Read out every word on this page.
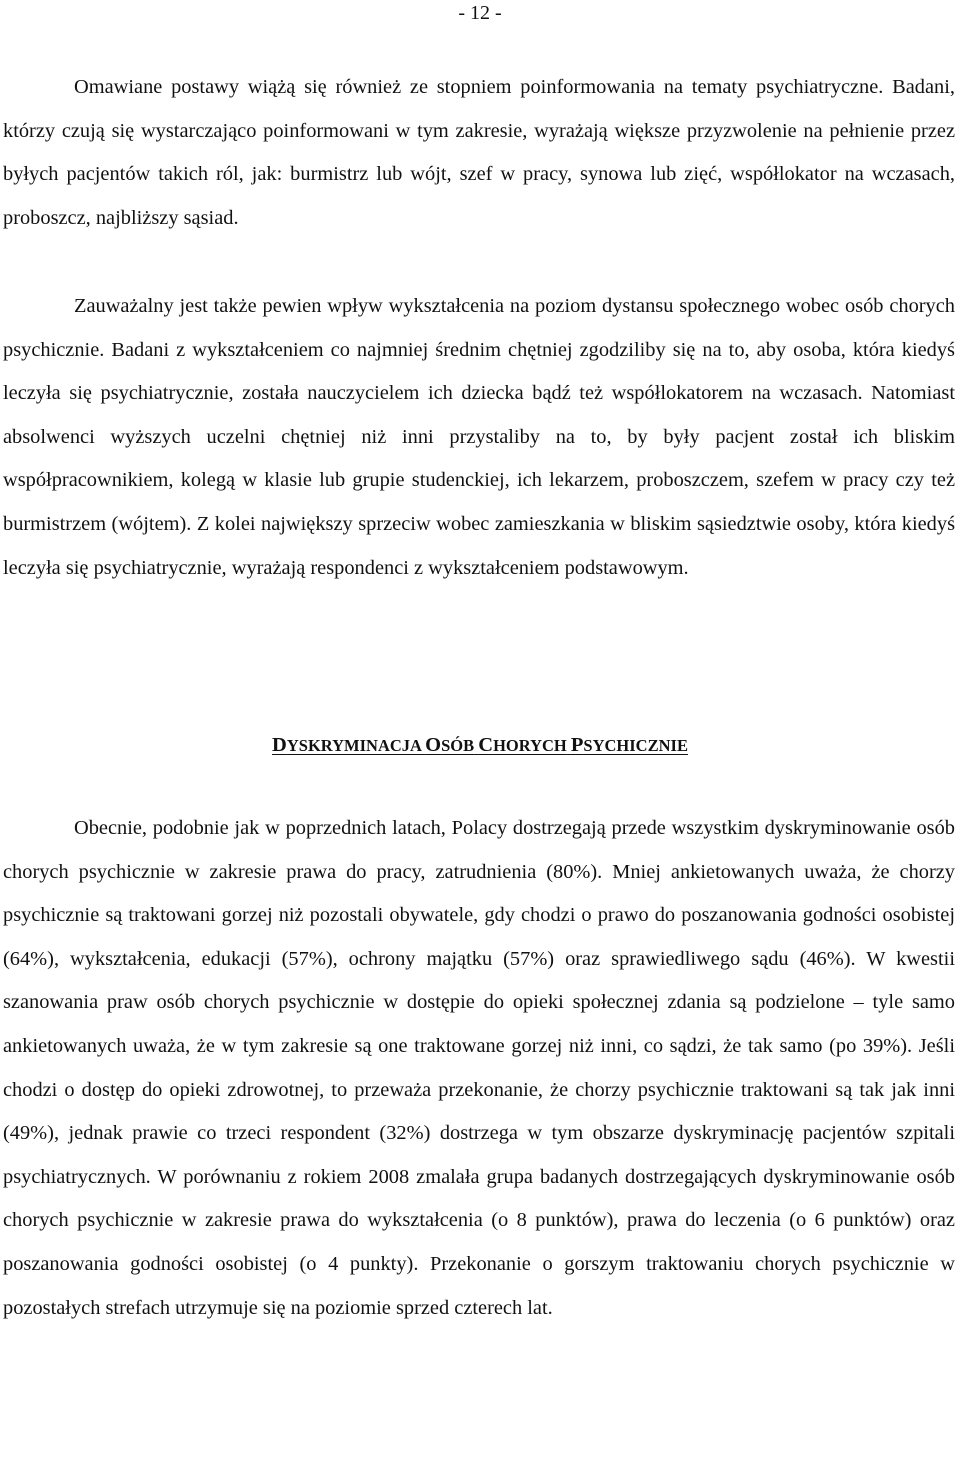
- 12 -

Omawiane postawy wiążą się również ze stopniem poinformowania na tematy psychiatryczne. Badani, którzy czują się wystarczająco poinformowani w tym zakresie, wyrażają większe przyzwolenie na pełnienie przez byłych pacjentów takich ról, jak: burmistrz lub wójt, szef w pracy, synowa lub zięć, współlokator na wczasach, proboszcz, najbliższy sąsiad.

Zauważalny jest także pewien wpływ wykształcenia na poziom dystansu społecznego wobec osób chorych psychicznie. Badani z wykształceniem co najmniej średnim chętniej zgodziliby się na to, aby osoba, która kiedyś leczyła się psychiatrycznie, została nauczycielem ich dziecka bądź też współlokatorem na wczasach. Natomiast absolwenci wyższych uczelni chętniej niż inni przystaliby na to, by były pacjent został ich bliskim współpracownikiem, kolegą w klasie lub grupie studenckiej, ich lekarzem, proboszczem, szefem w pracy czy też burmistrzem (wójtem). Z kolei największy sprzeciw wobec zamieszkania w bliskim sąsiedztwie osoby, która kiedyś leczyła się psychiatrycznie, wyrażają respondenci z wykształceniem podstawowym.

DYSKRYMINACJA OSÓB CHORYCH PSYCHICZNIE

Obecnie, podobnie jak w poprzednich latach, Polacy dostrzegają przede wszystkim dyskryminowanie osób chorych psychicznie w zakresie prawa do pracy, zatrudnienia (80%). Mniej ankietowanych uważa, że chorzy psychicznie są traktowani gorzej niż pozostali obywatele, gdy chodzi o prawo do poszanowania godności osobistej (64%), wykształcenia, edukacji (57%), ochrony majątku (57%) oraz sprawiedliwego sądu (46%). W kwestii szanowania praw osób chorych psychicznie w dostępie do opieki społecznej zdania są podzielone – tyle samo ankietowanych uważa, że w tym zakresie są one traktowane gorzej niż inni, co sądzi, że tak samo (po 39%). Jeśli chodzi o dostęp do opieki zdrowotnej, to przeważa przekonanie, że chorzy psychicznie traktowani są tak jak inni (49%), jednak prawie co trzeci respondent (32%) dostrzega w tym obszarze dyskryminację pacjentów szpitali psychiatrycznych. W porównaniu z rokiem 2008 zmalała grupa badanych dostrzegających dyskryminowanie osób chorych psychicznie w zakresie prawa do wykształcenia (o 8 punktów), prawa do leczenia (o 6 punktów) oraz poszanowania godności osobistej (o 4 punkty). Przekonanie o gorszym traktowaniu chorych psychicznie w pozostałych strefach utrzymuje się na poziomie sprzed czterech lat.
